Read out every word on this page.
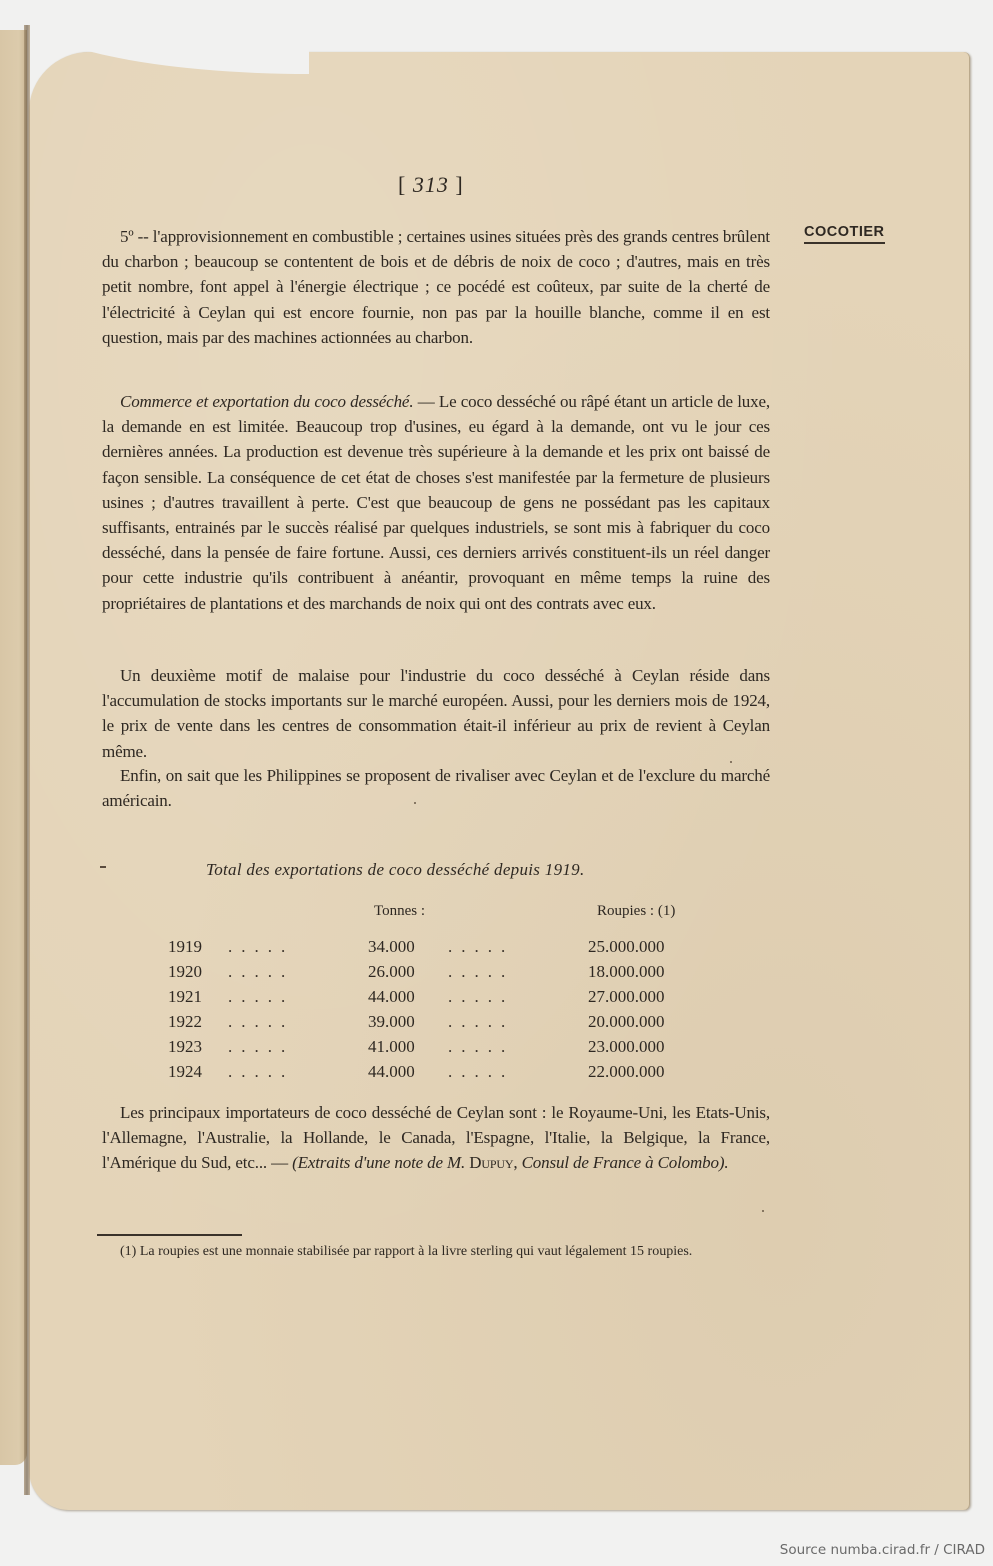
[ 313 ]
COCOTIER

5º -- l'approvisionnement en combustible ; certaines usines situées près des grands centres brûlent du charbon ; beaucoup se contentent de bois et de débris de noix de coco ; d'autres, mais en très petit nombre, font appel à l'énergie électrique ; ce pocédé est coûteux, par suite de la cherté de l'électricité à Ceylan qui est encore fournie, non pas par la houille blanche, comme il en est question, mais par des machines actionnées au charbon.

Commerce et exportation du coco desséché. — Le coco desséché ou râpé étant un article de luxe, la demande en est limitée. Beaucoup trop d'usines, eu égard à la demande, ont vu le jour ces dernières années. La production est devenue très supérieure à la demande et les prix ont baissé de façon sensible. La conséquence de cet état de choses s'est manifestée par la fermeture de plusieurs usines ; d'autres travaillent à perte. C'est que beaucoup de gens ne possédant pas les capitaux suffisants, entrainés par le succès réalisé par quelques industriels, se sont mis à fabriquer du coco desséché, dans la pensée de faire fortune. Aussi, ces derniers arrivés constituent-ils un réel danger pour cette industrie qu'ils contribuent à anéantir, provoquant en même temps la ruine des propriétaires de plantations et des marchands de noix qui ont des contrats avec eux.

Un deuxième motif de malaise pour l'industrie du coco desséché à Ceylan réside dans l'accumulation de stocks importants sur le marché européen. Aussi, pour les derniers mois de 1924, le prix de vente dans les centres de consommation était-il inférieur au prix de revient à Ceylan même.

Enfin, on sait que les Philippines se proposent de rivaliser avec Ceylan et de l'exclure du marché américain.

Total des exportations de coco desséché depuis 1919.
Tonnes :	Roupies : (1)
1919	.....	34.000	.....	25.000.000
1920	.....	26.000	.....	18.000.000
1921	.....	44.000	.....	27.000.000
1922	.....	39.000	.....	20.000.000
1923	.....	41.000	.....	23.000.000
1924	.....	44.000	.....	22.000.000

Les principaux importateurs de coco desséché de Ceylan sont : le Royaume-Uni, les Etats-Unis, l'Allemagne, l'Australie, la Hollande, le Canada, l'Espagne, l'Italie, la Belgique, la France, l'Amérique du Sud, etc... — (Extraits d'une note de M. Dupuy, Consul de France à Colombo).

(1) La roupies est une monnaie stabilisée par rapport à la livre sterling qui vaut légalement 15 roupies.

Source numba.cirad.fr / CIRAD
